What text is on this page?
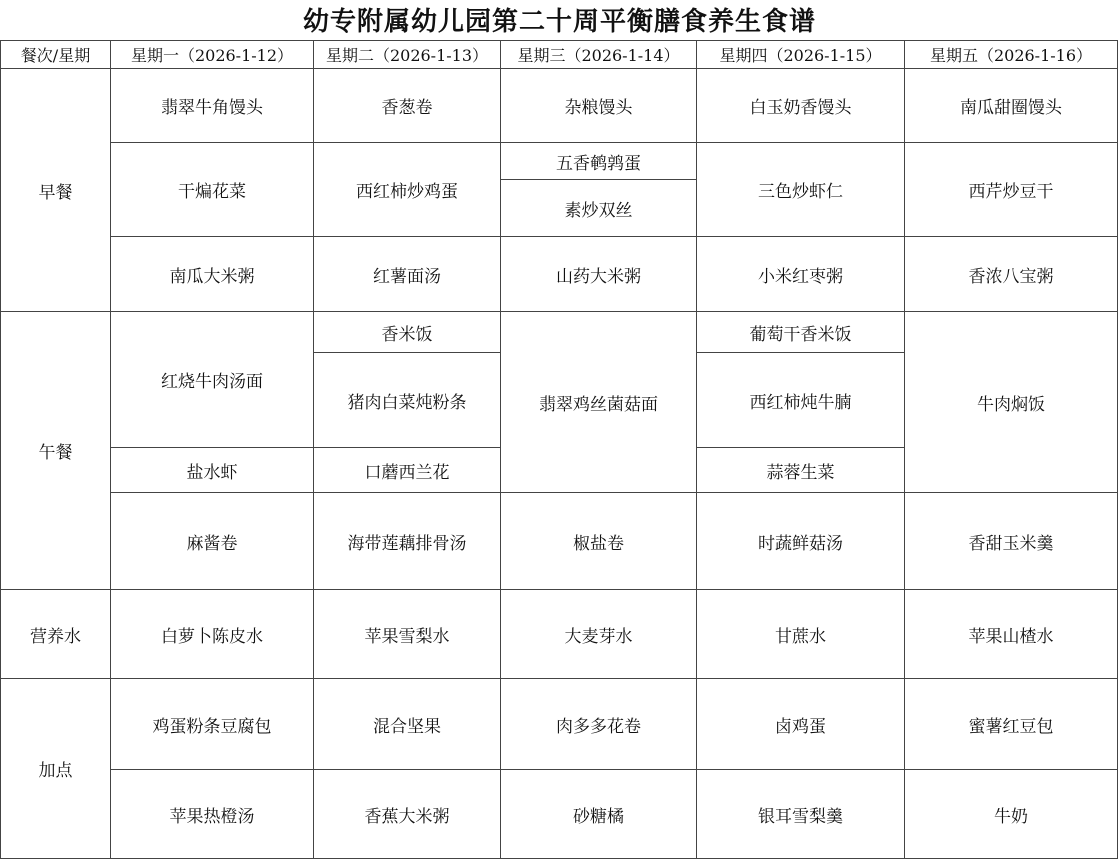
幼专附属幼儿园第二十周平衡膳食养生食谱
餐次/星期	星期一（2026-1-12）	星期二（2026-1-13）	星期三（2026-1-14）	星期四（2026-1-15）	星期五（2026-1-16）
早餐	翡翠牛角馒头	香葱卷	杂粮馒头	白玉奶香馒头	南瓜甜圈馒头
	干煸花菜	西红柿炒鸡蛋	五香鹌鹑蛋	三色炒虾仁	西芹炒豆干
			素炒双丝		
	南瓜大米粥	红薯面汤	山药大米粥	小米红枣粥	香浓八宝粥
午餐	红烧牛肉汤面	香米饭	翡翠鸡丝菌菇面	葡萄干香米饭	牛肉焖饭
		猪肉白菜炖粉条		西红柿炖牛腩	
	盐水虾	口蘑西兰花		蒜蓉生菜	
	麻酱卷	海带莲藕排骨汤	椒盐卷	时蔬鲜菇汤	香甜玉米羹

营养水	白萝卜陈皮水	苹果雪梨水	大麦芽水	甘蔗水	苹果山楂水
加点	鸡蛋粉条豆腐包	混合坚果	肉多多花卷	卤鸡蛋	蜜薯红豆包
	苹果热橙汤	香蕉大米粥	砂糖橘	银耳雪梨羹	牛奶
